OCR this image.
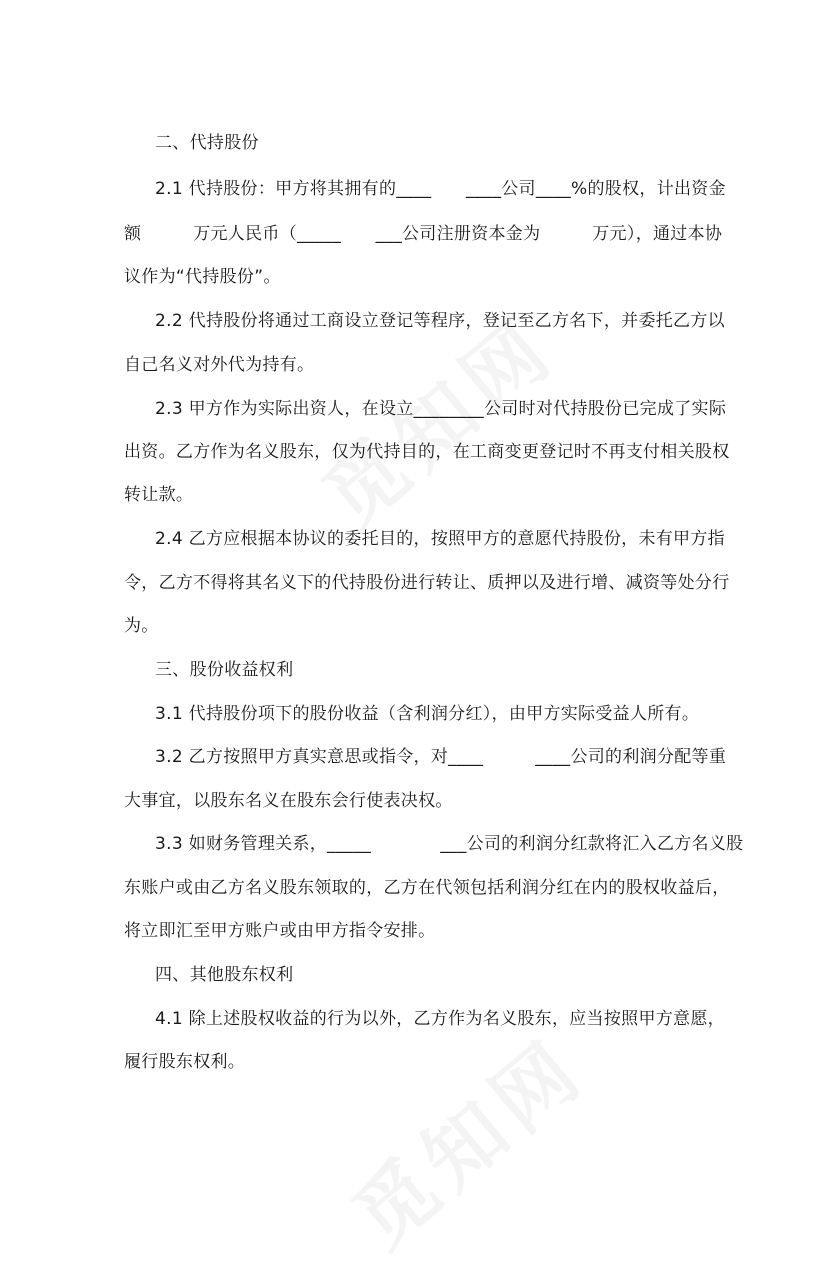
二、代持股份
2.1 代持股份：甲方将其拥有的____　　____公司____%的股权，计出资金
额　　　万元人民币（_____　　___公司注册资本金为　　　万元），通过本协
议作为“代持股份”。
2.2 代持股份将通过工商设立登记等程序，登记至乙方名下，并委托乙方以
自己名义对外代为持有。
2.3 甲方作为实际出资人，在设立________公司时对代持股份已完成了实际
出资。乙方作为名义股东，仅为代持目的，在工商变更登记时不再支付相关股权
转让款。
2.4 乙方应根据本协议的委托目的，按照甲方的意愿代持股份，未有甲方指
令，乙方不得将其名义下的代持股份进行转让、质押以及进行增、减资等处分行
为。
三、股份收益权利
3.1 代持股份项下的股份收益（含利润分红），由甲方实际受益人所有。
3.2 乙方按照甲方真实意思或指令，对____　　　____公司的利润分配等重
大事宜，以股东名义在股东会行使表决权。
3.3 如财务管理关系，_____　　　　___公司的利润分红款将汇入乙方名义股
东账户或由乙方名义股东领取的，乙方在代领包括利润分红在内的股权收益后，
将立即汇至甲方账户或由甲方指令安排。
四、其他股东权利
4.1 除上述股权收益的行为以外，乙方作为名义股东，应当按照甲方意愿，
履行股东权利。
